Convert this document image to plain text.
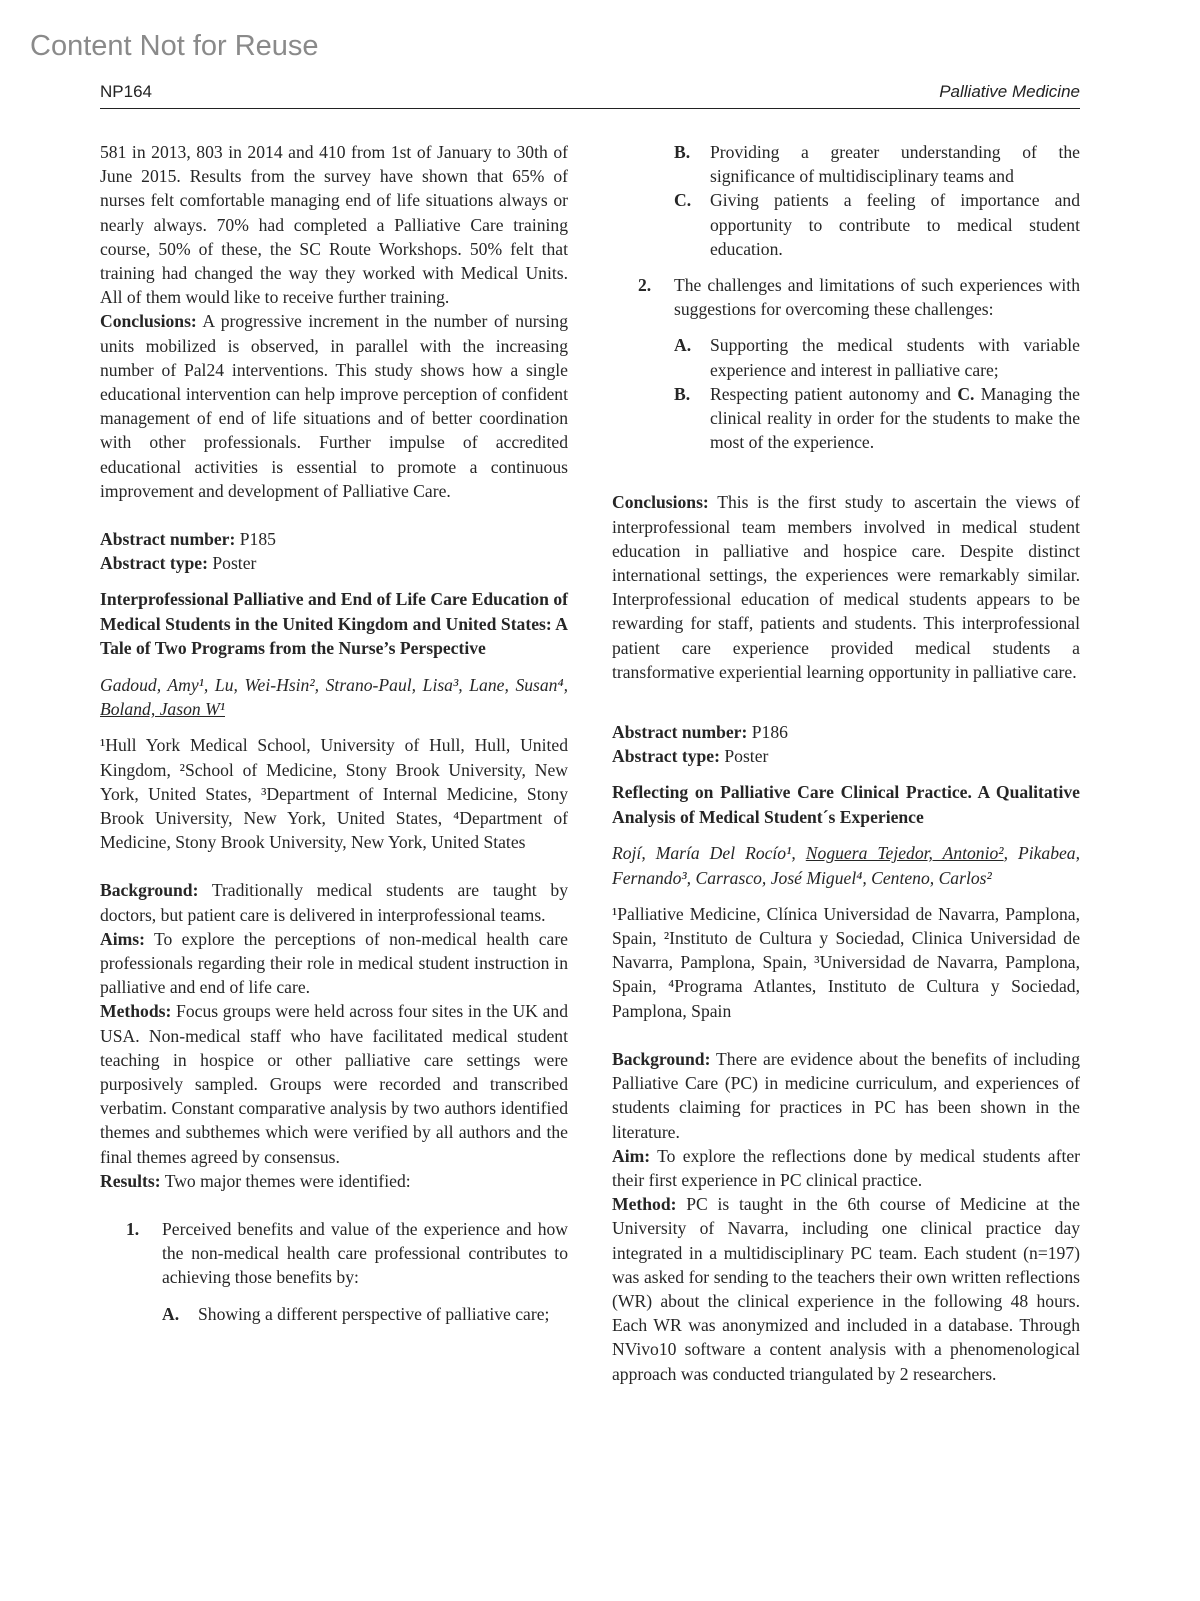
Content Not for Reuse
NP164	Palliative Medicine

581 in 2013, 803 in 2014 and 410 from 1st of January to 30th of June 2015. Results from the survey have shown that 65% of nurses felt comfortable managing end of life situations always or nearly always. 70% had completed a Palliative Care training course, 50% of these, the SC Route Workshops. 50% felt that training had changed the way they worked with Medical Units. All of them would like to receive further training.

Conclusions: A progressive increment in the number of nursing units mobilized is observed, in parallel with the increasing number of Pal24 interventions. This study shows how a single educational intervention can help improve perception of confident management of end of life situations and of better coordination with other professionals. Further impulse of accredited educational activities is essential to promote a continuous improvement and development of Palliative Care.

Abstract number: P185

Abstract type: Poster

Interprofessional Palliative and End of Life Care Education of Medical Students in the United Kingdom and United States: A Tale of Two Programs from the Nurse’s Perspective

Gadoud, Amy¹, Lu, Wei-Hsin², Strano-Paul, Lisa³, Lane, Susan⁴, Boland, Jason W¹

¹Hull York Medical School, University of Hull, Hull, United Kingdom, ²School of Medicine, Stony Brook University, New York, United States, ³Department of Internal Medicine, Stony Brook University, New York, United States, ⁴Department of Medicine, Stony Brook University, New York, United States

Background: Traditionally medical students are taught by doctors, but patient care is delivered in interprofessional teams.

Aims: To explore the perceptions of non-medical health care professionals regarding their role in medical student instruction in palliative and end of life care.

Methods: Focus groups were held across four sites in the UK and USA. Non-medical staff who have facilitated medical student teaching in hospice or other palliative care settings were purposively sampled. Groups were recorded and transcribed verbatim. Constant comparative analysis by two authors identified themes and subthemes which were verified by all authors and the final themes agreed by consensus.

Results: Two major themes were identified:

1. Perceived benefits and value of the experience and how the non-medical health care professional contributes to achieving those benefits by:

A. Showing a different perspective of palliative care;

B. Providing a greater understanding of the significance of multidisciplinary teams and

C. Giving patients a feeling of importance and opportunity to contribute to medical student education.

2. The challenges and limitations of such experiences with suggestions for overcoming these challenges:

A. Supporting the medical students with variable experience and interest in palliative care;

B. Respecting patient autonomy and C. Managing the clinical reality in order for the students to make the most of the experience.

Conclusions: This is the first study to ascertain the views of interprofessional team members involved in medical student education in palliative and hospice care. Despite distinct international settings, the experiences were remarkably similar. Interprofessional education of medical students appears to be rewarding for staff, patients and students. This interprofessional patient care experience provided medical students a transformative experiential learning opportunity in palliative care.

Abstract number: P186

Abstract type: Poster

Reflecting on Palliative Care Clinical Practice. A Qualitative Analysis of Medical Student´s Experience

Rojí, María Del Rocío¹, Noguera Tejedor, Antonio², Pikabea, Fernando³, Carrasco, José Miguel⁴, Centeno, Carlos²

¹Palliative Medicine, Clínica Universidad de Navarra, Pamplona, Spain, ²Instituto de Cultura y Sociedad, Clinica Universidad de Navarra, Pamplona, Spain, ³Universidad de Navarra, Pamplona, Spain, ⁴Programa Atlantes, Instituto de Cultura y Sociedad, Pamplona, Spain

Background: There are evidence about the benefits of including Palliative Care (PC) in medicine curriculum, and experiences of students claiming for practices in PC has been shown in the literature.

Aim: To explore the reflections done by medical students after their first experience in PC clinical practice.

Method: PC is taught in the 6th course of Medicine at the University of Navarra, including one clinical practice day integrated in a multidisciplinary PC team. Each student (n=197) was asked for sending to the teachers their own written reflections (WR) about the clinical experience in the following 48 hours. Each WR was anonymized and included in a database. Through NVivo10 software a content analysis with a phenomenological approach was conducted triangulated by 2 researchers.
